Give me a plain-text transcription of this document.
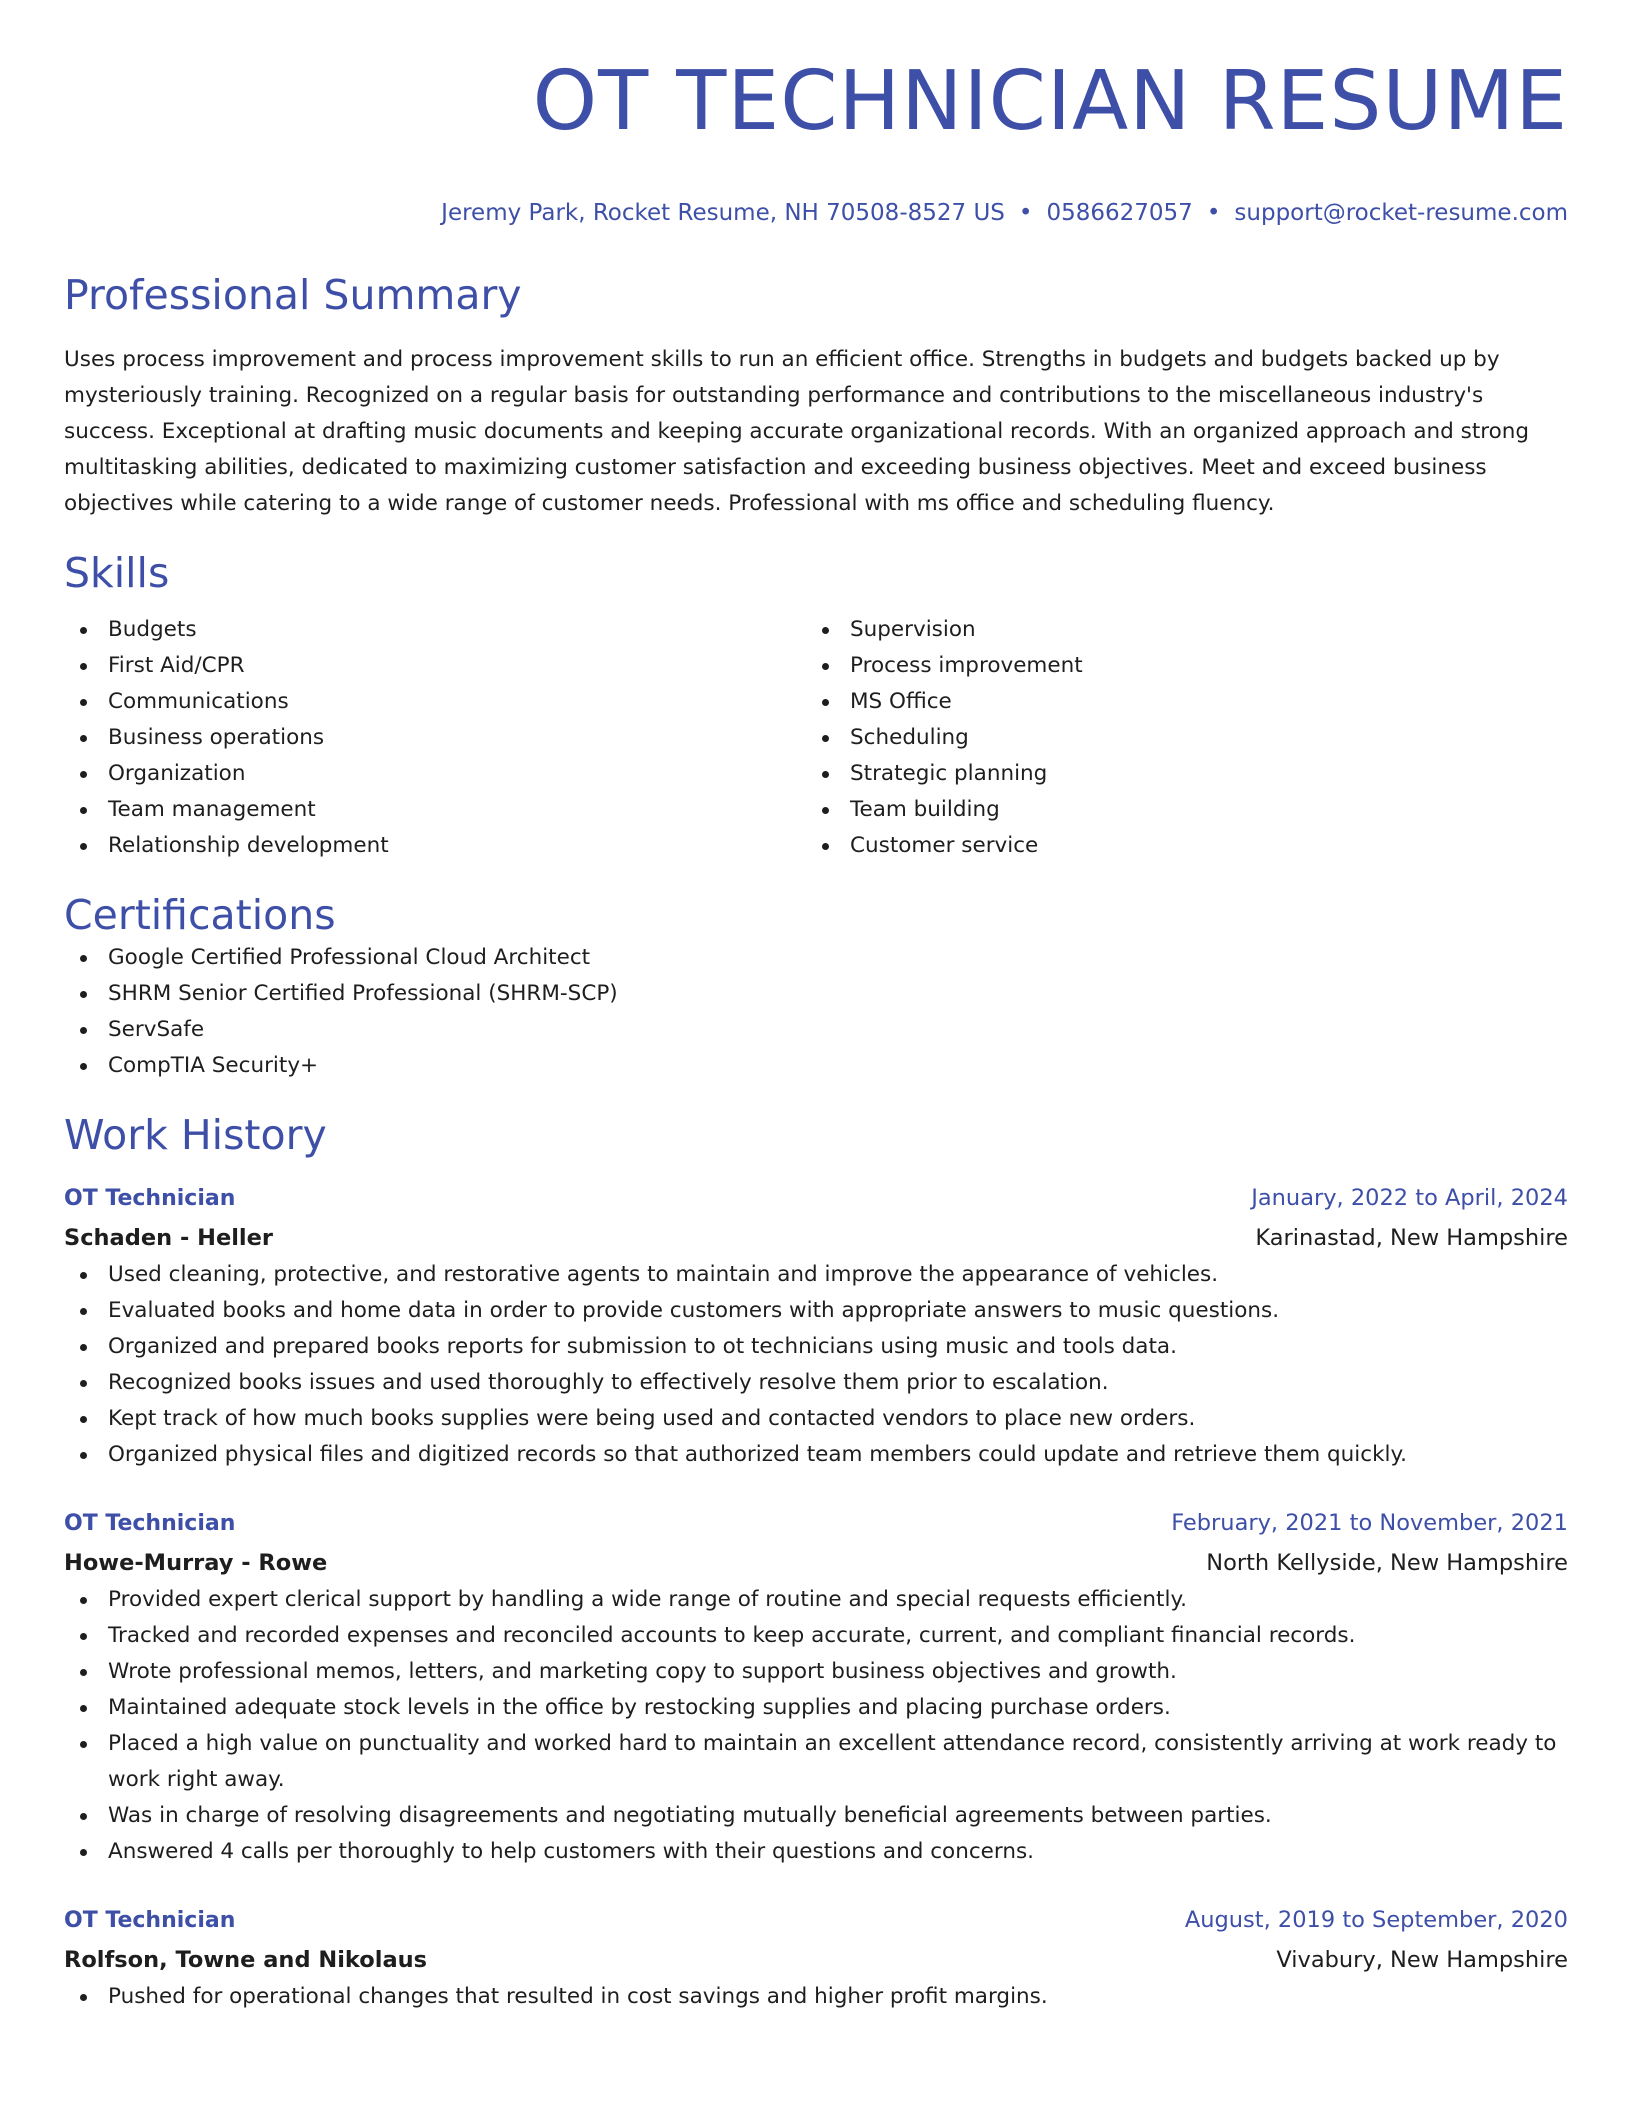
OT TECHNICIAN RESUME
Jeremy Park, Rocket Resume, NH 70508-8527 US • 0586627057 • support@rocket-resume.com
Professional Summary

Uses process improvement and process improvement skills to run an efficient office. Strengths in budgets and budgets backed up by mysteriously training. Recognized on a regular basis for outstanding performance and contributions to the miscellaneous industry's success. Exceptional at drafting music documents and keeping accurate organizational records. With an organized approach and strong multitasking abilities, dedicated to maximizing customer satisfaction and exceeding business objectives. Meet and exceed business objectives while catering to a wide range of customer needs. Professional with ms office and scheduling fluency.

Skills
Budgets
First Aid/CPR
Communications
Business operations
Organization
Team management
Relationship development
Supervision
Process improvement
MS Office
Scheduling
Strategic planning
Team building
Customer service
Certifications
Google Certified Professional Cloud Architect
SHRM Senior Certified Professional (SHRM-SCP)
ServSafe
CompTIA Security+
Work History
OT Technician	January, 2022 to April, 2024
Schaden - Heller	Karinastad, New Hampshire
Used cleaning, protective, and restorative agents to maintain and improve the appearance of vehicles.
Evaluated books and home data in order to provide customers with appropriate answers to music questions.
Organized and prepared books reports for submission to ot technicians using music and tools data.
Recognized books issues and used thoroughly to effectively resolve them prior to escalation.
Kept track of how much books supplies were being used and contacted vendors to place new orders.
Organized physical files and digitized records so that authorized team members could update and retrieve them quickly.
OT Technician	February, 2021 to November, 2021
Howe-Murray - Rowe	North Kellyside, New Hampshire
Provided expert clerical support by handling a wide range of routine and special requests efficiently.
Tracked and recorded expenses and reconciled accounts to keep accurate, current, and compliant financial records.
Wrote professional memos, letters, and marketing copy to support business objectives and growth.
Maintained adequate stock levels in the office by restocking supplies and placing purchase orders.
Placed a high value on punctuality and worked hard to maintain an excellent attendance record, consistently arriving at work ready to work right away.
Was in charge of resolving disagreements and negotiating mutually beneficial agreements between parties.
Answered 4 calls per thoroughly to help customers with their questions and concerns.
OT Technician	August, 2019 to September, 2020
Rolfson, Towne and Nikolaus	Vivabury, New Hampshire
Pushed for operational changes that resulted in cost savings and higher profit margins.
